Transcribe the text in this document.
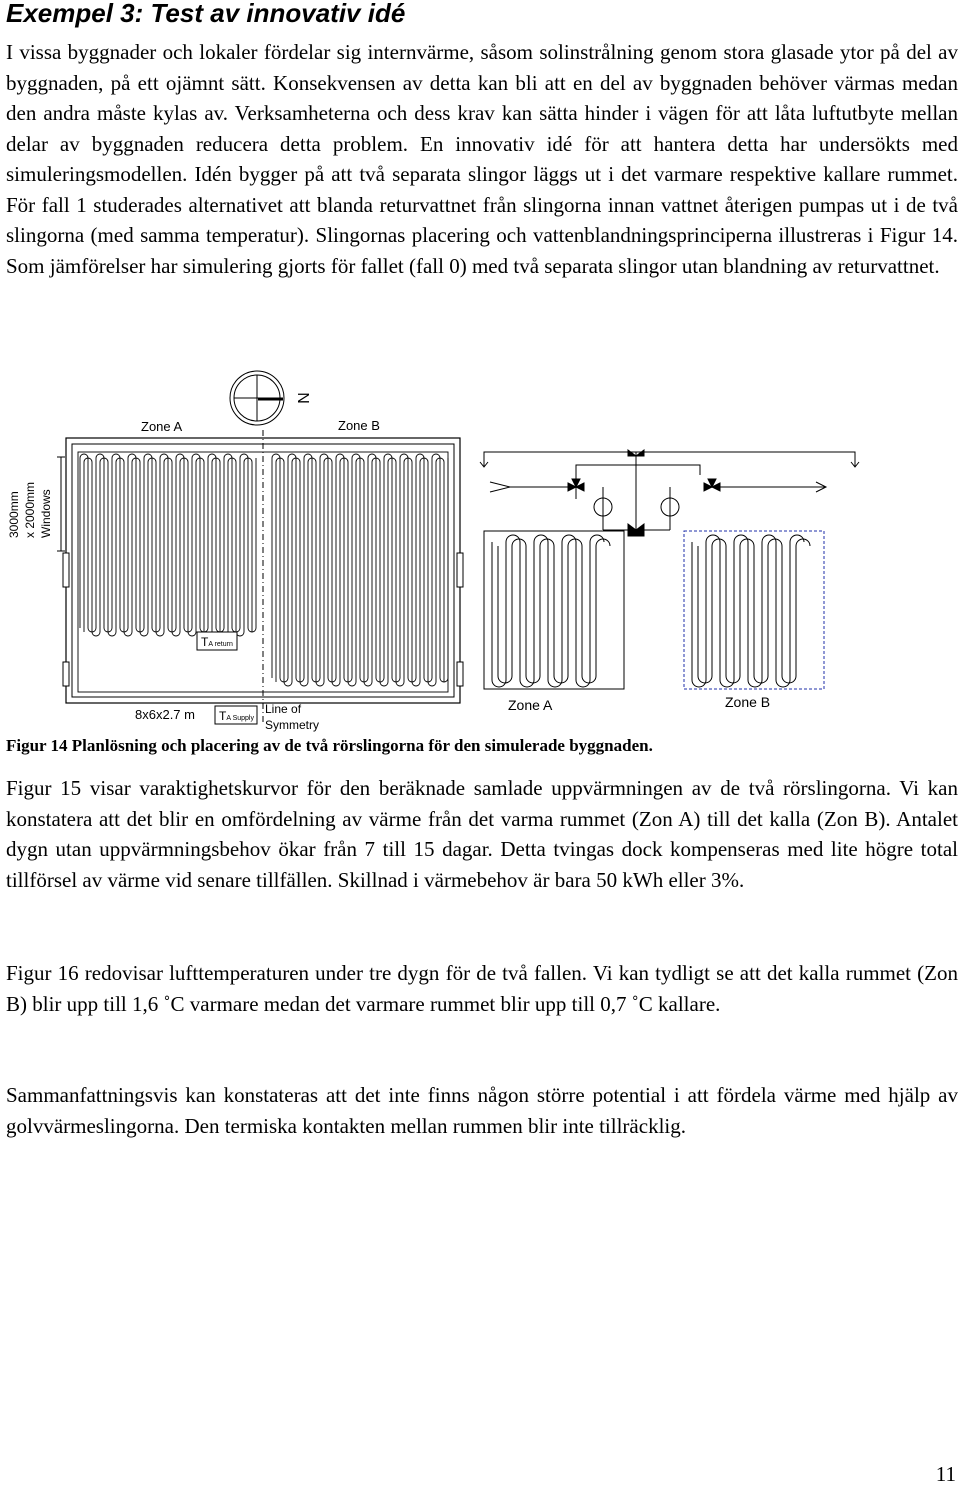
Exempel 3: Test av innovativ idé

I vissa byggnader och lokaler fördelar sig internvärme, såsom solinstrålning genom stora glasade ytor på del av byggnaden, på ett ojämnt sätt. Konsekvensen av detta kan bli att en del av byggnaden behöver värmas medan den andra måste kylas av. Verksamheterna och dess krav kan sätta hinder i vägen för att låta luftutbyte mellan delar av byggnaden reducera detta problem. En innovativ idé för att hantera detta har undersökts med simuleringsmodellen. Idén bygger på att två separata slingor läggs ut i det varmare respektive kallare rummet. För fall 1 studerades alternativet att blanda returvattnet från slingorna innan vattnet återigen pumpas ut i de två slingorna (med samma temperatur). Slingornas placering och vattenblandningsprinciperna illustreras i Figur 14. Som jämförelser har simulering gjorts för fallet (fall 0) med två separata slingor utan blandning av returvattnet.

N
Zone A	Zone B
3000mm x 2000mm Windows
TA return
8x6x2.7 m TA Supply
Line of Symmetry
Zone A	Zone B

Figur 14 Planlösning och placering av de två rörslingorna för den simulerade byggnaden.

Figur 15 visar varaktighetskurvor för den beräknade samlade uppvärmningen av de två rörslingorna. Vi kan konstatera att det blir en omfördelning av värme från det varma rummet (Zon A) till det kalla (Zon B). Antalet dygn utan uppvärmningsbehov ökar från 7 till 15 dagar. Detta tvingas dock kompenseras med lite högre total tillförsel av värme vid senare tillfällen. Skillnad i värmebehov är bara 50 kWh eller 3%.

Figur 16 redovisar lufttemperaturen under tre dygn för de två fallen. Vi kan tydligt se att det kalla rummet (Zon B) blir upp till 1,6 ˚C varmare medan det varmare rummet blir upp till 0,7 ˚C kallare.

Sammanfattningsvis kan konstateras att det inte finns någon större potential i att fördela värme med hjälp av golvvärmeslingorna. Den termiska kontakten mellan rummen blir inte tillräcklig.

11
